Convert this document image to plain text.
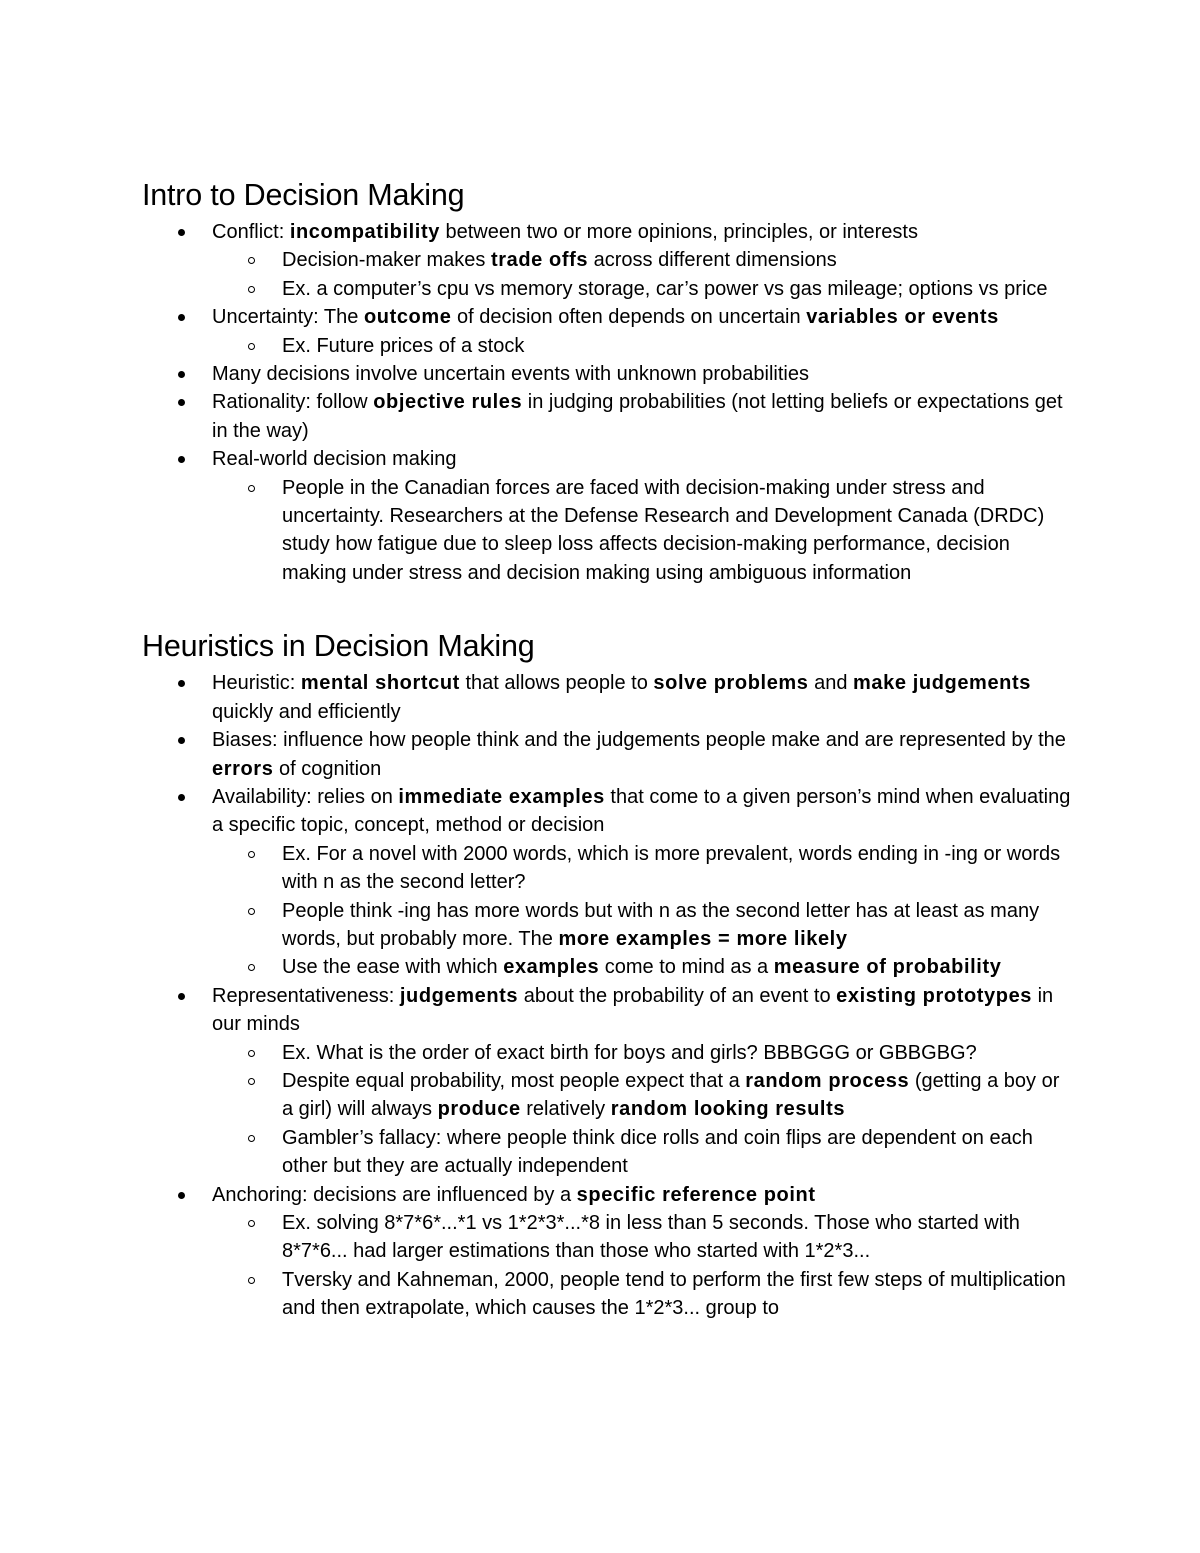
Intro to Decision Making
Conflict: incompatibility between two or more opinions, principles, or interests
Decision-maker makes trade offs across different dimensions
Ex. a computer’s cpu vs memory storage, car’s power vs gas mileage; options vs price
Uncertainty: The outcome of decision often depends on uncertain variables or events
Ex. Future prices of a stock
Many decisions involve uncertain events with unknown probabilities
Rationality: follow objective rules in judging probabilities (not letting beliefs or expectations get in the way)
Real-world decision making
People in the Canadian forces are faced with decision-making under stress and uncertainty. Researchers at the Defense Research and Development Canada (DRDC) study how fatigue due to sleep loss affects decision-making performance, decision making under stress and decision making using ambiguous information
Heuristics in Decision Making
Heuristic: mental shortcut that allows people to solve problems and make judgements quickly and efficiently
Biases: influence how people think and the judgements people make and are represented by the errors of cognition
Availability: relies on immediate examples that come to a given person’s mind when evaluating a specific topic, concept, method or decision
Ex. For a novel with 2000 words, which is more prevalent, words ending in -ing or words with n as the second letter?
People think -ing has more words but with n as the second letter has at least as many words, but probably more. The more examples = more likely
Use the ease with which examples come to mind as a measure of probability
Representativeness: judgements about the probability of an event to existing prototypes in our minds
Ex. What is the order of exact birth for boys and girls? BBBGGG or GBBGBG?
Despite equal probability, most people expect that a random process (getting a boy or a girl) will always produce relatively random looking results
Gambler’s fallacy: where people think dice rolls and coin flips are dependent on each other but they are actually independent
Anchoring: decisions are influenced by a specific reference point
Ex. solving 8*7*6*...*1 vs 1*2*3*...*8 in less than 5 seconds. Those who started with 8*7*6... had larger estimations than those who started with 1*2*3...
Tversky and Kahneman, 2000, people tend to perform the first few steps of multiplication and then extrapolate, which causes the 1*2*3... group to
